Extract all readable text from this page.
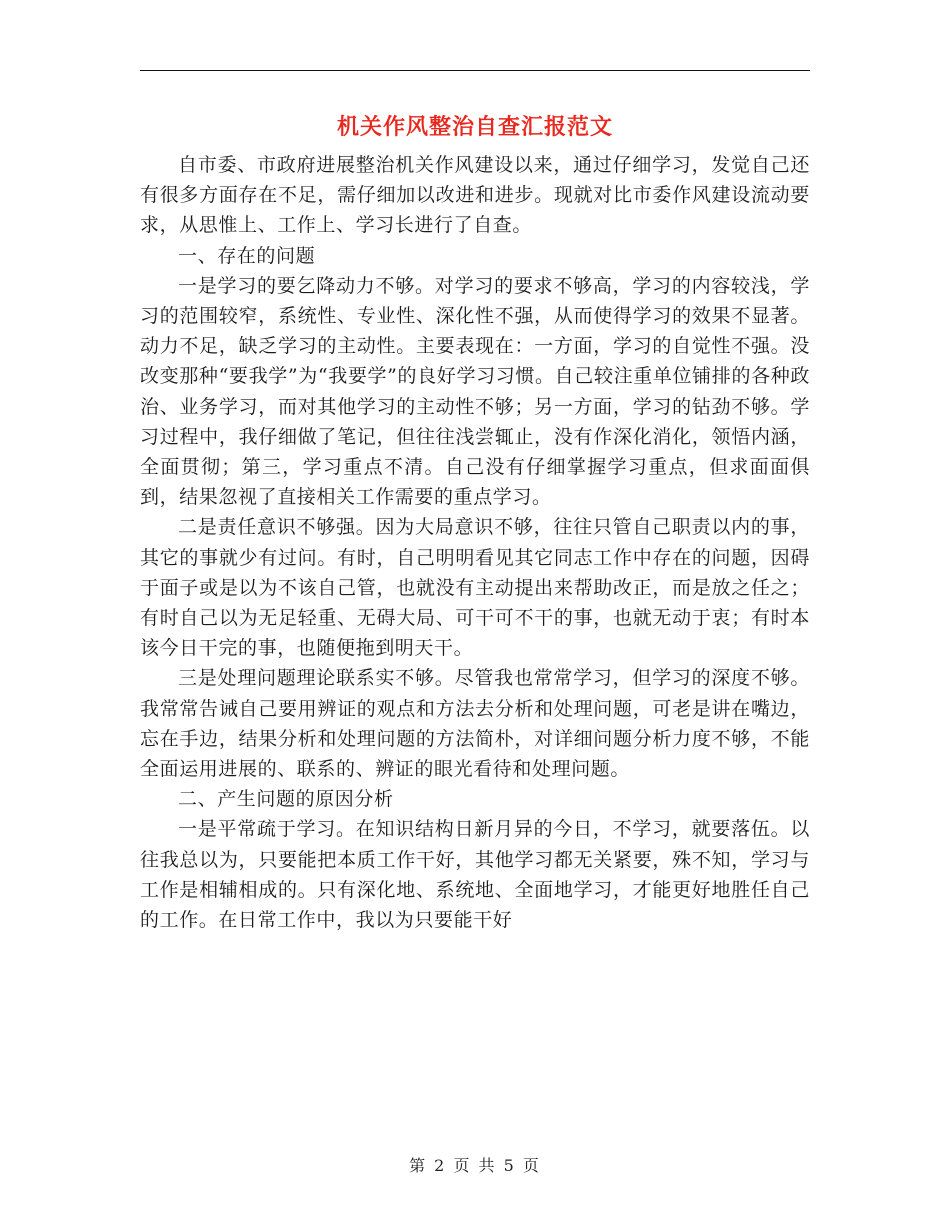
机关作风整治自查汇报范文

自市委、市政府进展整治机关作风建设以来，通过仔细学习，发觉自己还有很多方面存在不足，需仔细加以改进和进步。现就对比市委作风建设流动要求，从思惟上、工作上、学习长进行了自查。

一、存在的问题

一是学习的要乞降动力不够。对学习的要求不够高，学习的内容较浅，学习的范围较窄，系统性、专业性、深化性不强，从而使得学习的效果不显著。动力不足，缺乏学习的主动性。主要表现在：一方面，学习的自觉性不强。没改变那种“要我学”为“我要学”的良好学习习惯。自己较注重单位铺排的各种政治、业务学习，而对其他学习的主动性不够；另一方面，学习的钻劲不够。学习过程中，我仔细做了笔记，但往往浅尝辄止，没有作深化消化，领悟内涵，全面贯彻；第三，学习重点不清。自己没有仔细掌握学习重点，但求面面俱到，结果忽视了直接相关工作需要的重点学习。

二是责任意识不够强。因为大局意识不够，往往只管自己职责以内的事，其它的事就少有过问。有时，自己明明看见其它同志工作中存在的问题，因碍于面子或是以为不该自己管，也就没有主动提出来帮助改正，而是放之任之；有时自己以为无足轻重、无碍大局、可干可不干的事，也就无动于衷；有时本该今日干完的事，也随便拖到明天干。

三是处理问题理论联系实不够。尽管我也常常学习，但学习的深度不够。我常常告诫自己要用辨证的观点和方法去分析和处理问题，可老是讲在嘴边，忘在手边，结果分析和处理问题的方法简朴，对详细问题分析力度不够，不能全面运用进展的、联系的、辨证的眼光看待和处理问题。

二、产生问题的原因分析

一是平常疏于学习。在知识结构日新月异的今日，不学习，就要落伍。以往我总以为，只要能把本质工作干好，其他学习都无关紧要，殊不知，学习与工作是相辅相成的。只有深化地、系统地、全面地学习，才能更好地胜任自己的工作。在日常工作中，我以为只要能干好

第 2 页 共 5 页
